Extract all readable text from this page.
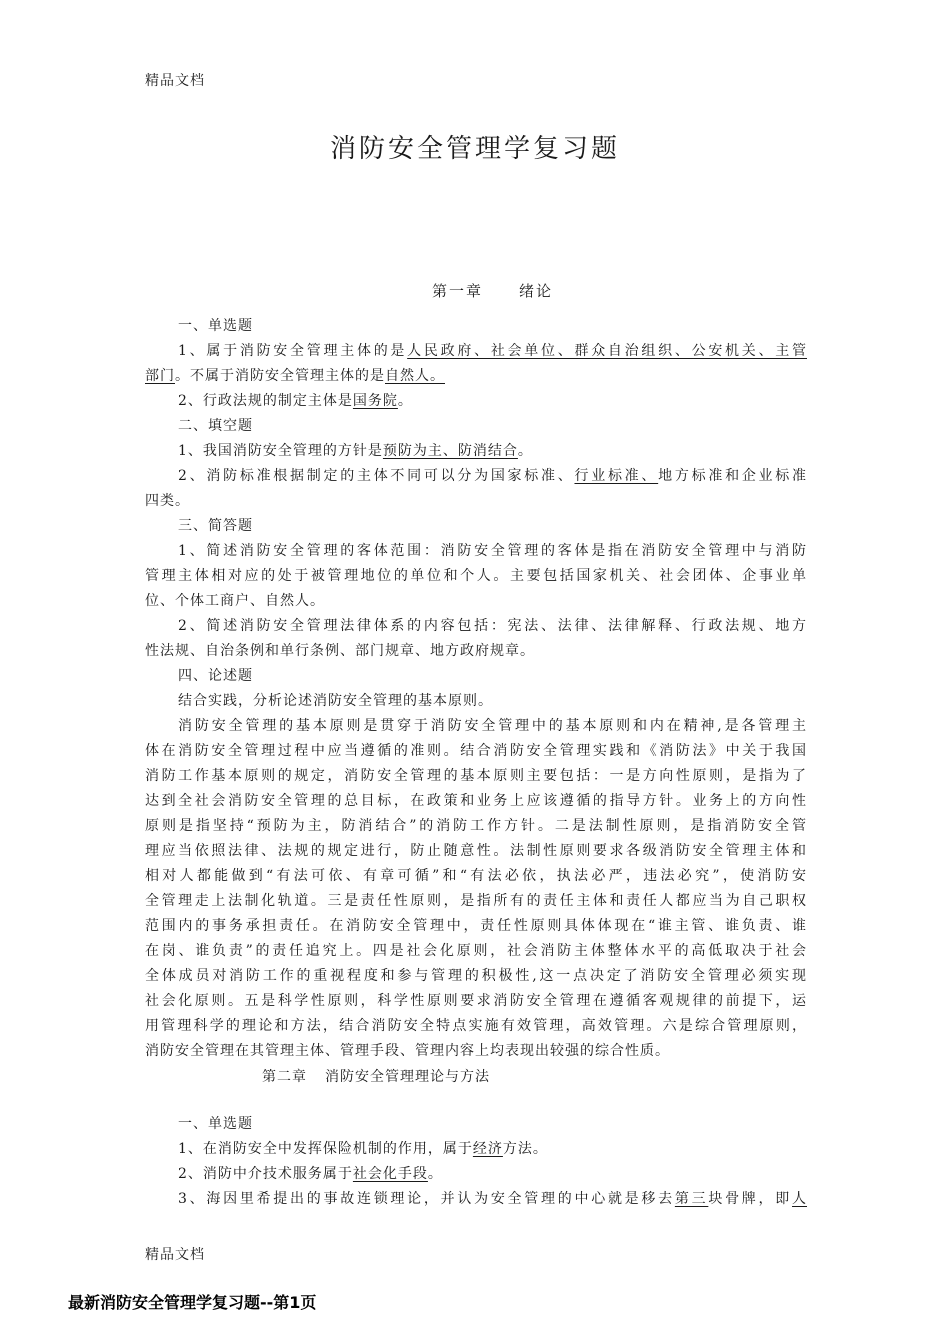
精品文档
消防安全管理学复习题
第一章 绪论

一、单选题

1、属于消防安全管理主体的是人民政府、社会单位、群众自治组织、公安机关、主管

部门。不属于消防安全管理主体的是自然人。

2、行政法规的制定主体是国务院。

二、填空题

1、我国消防安全管理的方针是预防为主、防消结合。

2、消防标准根据制定的主体不同可以分为国家标准、行业标准、地方标准和企业标准

四类。

三、简答题

1、简述消防安全管理的客体范围：消防安全管理的客体是指在消防安全管理中与消防

管理主体相对应的处于被管理地位的单位和个人。主要包括国家机关、社会团体、企事业单

位、个体工商户、自然人。

2、简述消防安全管理法律体系的内容包括：宪法、法律、法律解释、行政法规、地方

性法规、自治条例和单行条例、部门规章、地方政府规章。

四、论述题

结合实践，分析论述消防安全管理的基本原则。

消防安全管理的基本原则是贯穿于消防安全管理中的基本原则和内在精神,是各管理主

体在消防安全管理过程中应当遵循的准则。结合消防安全管理实践和《消防法》中关于我国

消防工作基本原则的规定，消防安全管理的基本原则主要包括：一是方向性原则，是指为了

达到全社会消防安全管理的总目标，在政策和业务上应该遵循的指导方针。业务上的方向性

原则是指坚持“预防为主，防消结合”的消防工作方针。二是法制性原则，是指消防安全管

理应当依照法律、法规的规定进行，防止随意性。法制性原则要求各级消防安全管理主体和

相对人都能做到“有法可依、有章可循”和“有法必依，执法必严，违法必究”，使消防安

全管理走上法制化轨道。三是责任性原则，是指所有的责任主体和责任人都应当为自己职权

范围内的事务承担责任。在消防安全管理中，责任性原则具体体现在“谁主管、谁负责、谁

在岗、谁负责”的责任追究上。四是社会化原则，社会消防主体整体水平的高低取决于社会

全体成员对消防工作的重视程度和参与管理的积极性,这一点决定了消防安全管理必须实现

社会化原则。五是科学性原则，科学性原则要求消防安全管理在遵循客观规律的前提下，运

用管理科学的理论和方法，结合消防安全特点实施有效管理，高效管理。六是综合管理原则，

消防安全管理在其管理主体、管理手段、管理内容上均表现出较强的综合性质。

第二章 消防安全管理理论与方法

一、单选题

1、在消防安全中发挥保险机制的作用，属于经济方法。

2、消防中介技术服务属于社会化手段。

3、海因里希提出的事故连锁理论，并认为安全管理的中心就是移去第三块骨牌，即人

精品文档
最新消防安全管理学复习题--第1页
